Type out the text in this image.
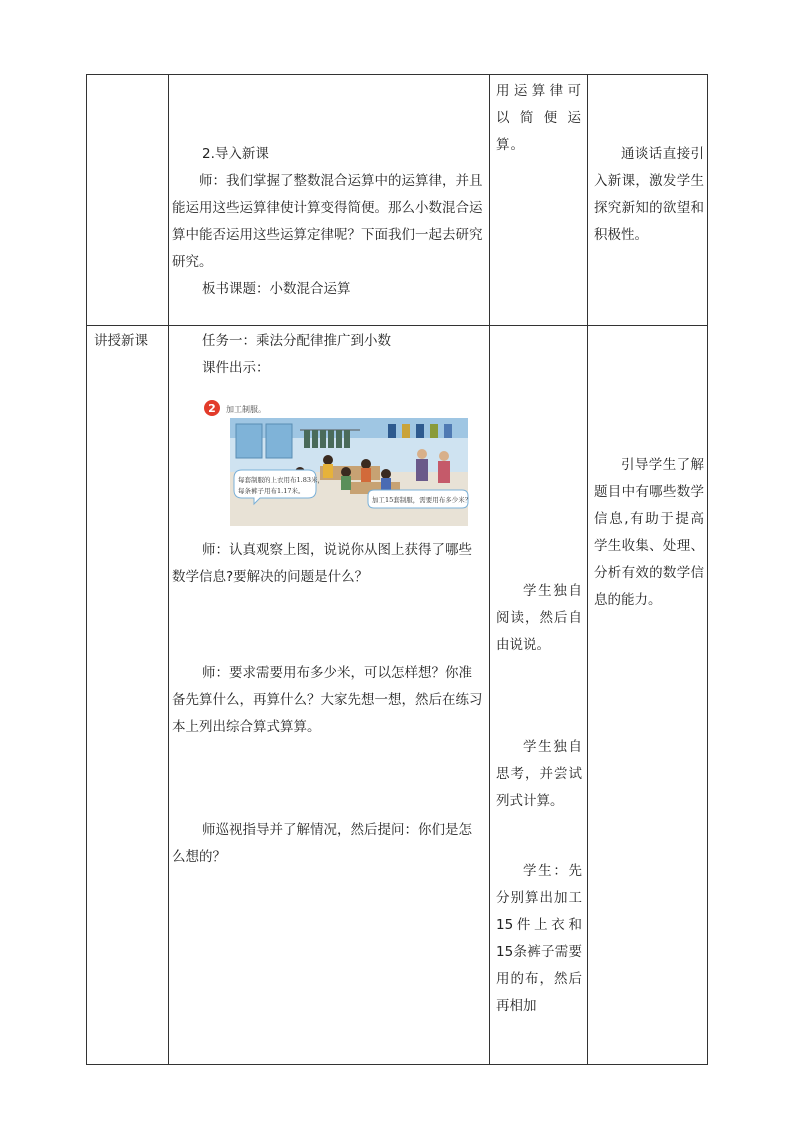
2.导入新课

师：我们掌握了整数混合运算中的运算律，并且能运用这些运算律使计算变得简便。那么小数混合运算中能否运用这些运算定律呢？下面我们一起去研究研究。

板书课题：小数混合运算

用运算律可以简便运算。
通谈话直接引入新课，激发学生探究新知的欲望和积极性。
讲授新课	任务一：乘法分配律推广到小数

课件出示：

2 加工制服。
每套制服的上衣用布1.83米，
每条裤子用布1.17米。
加工15套制服，需要用布多少米？
师：认真观察上图，说说你从图上获得了哪些数学信息?要解决的问题是什么？
师：要求需要用布多少米，可以怎样想？你准备先算什么，再算什么？大家先想一想，然后在练习本上列出综合算式算算。
师巡视指导并了解情况，然后提问：你们是怎么想的？
学生独自阅读，然后自由说说。
学生独自思考，并尝试列式计算。
学生：先分别算出加工15件上衣和15条裤子需要用的布，然后再相加
引导学生了解题目中有哪些数学信息,有助于提高学生收集、处理、分析有效的数学信息的能力。
